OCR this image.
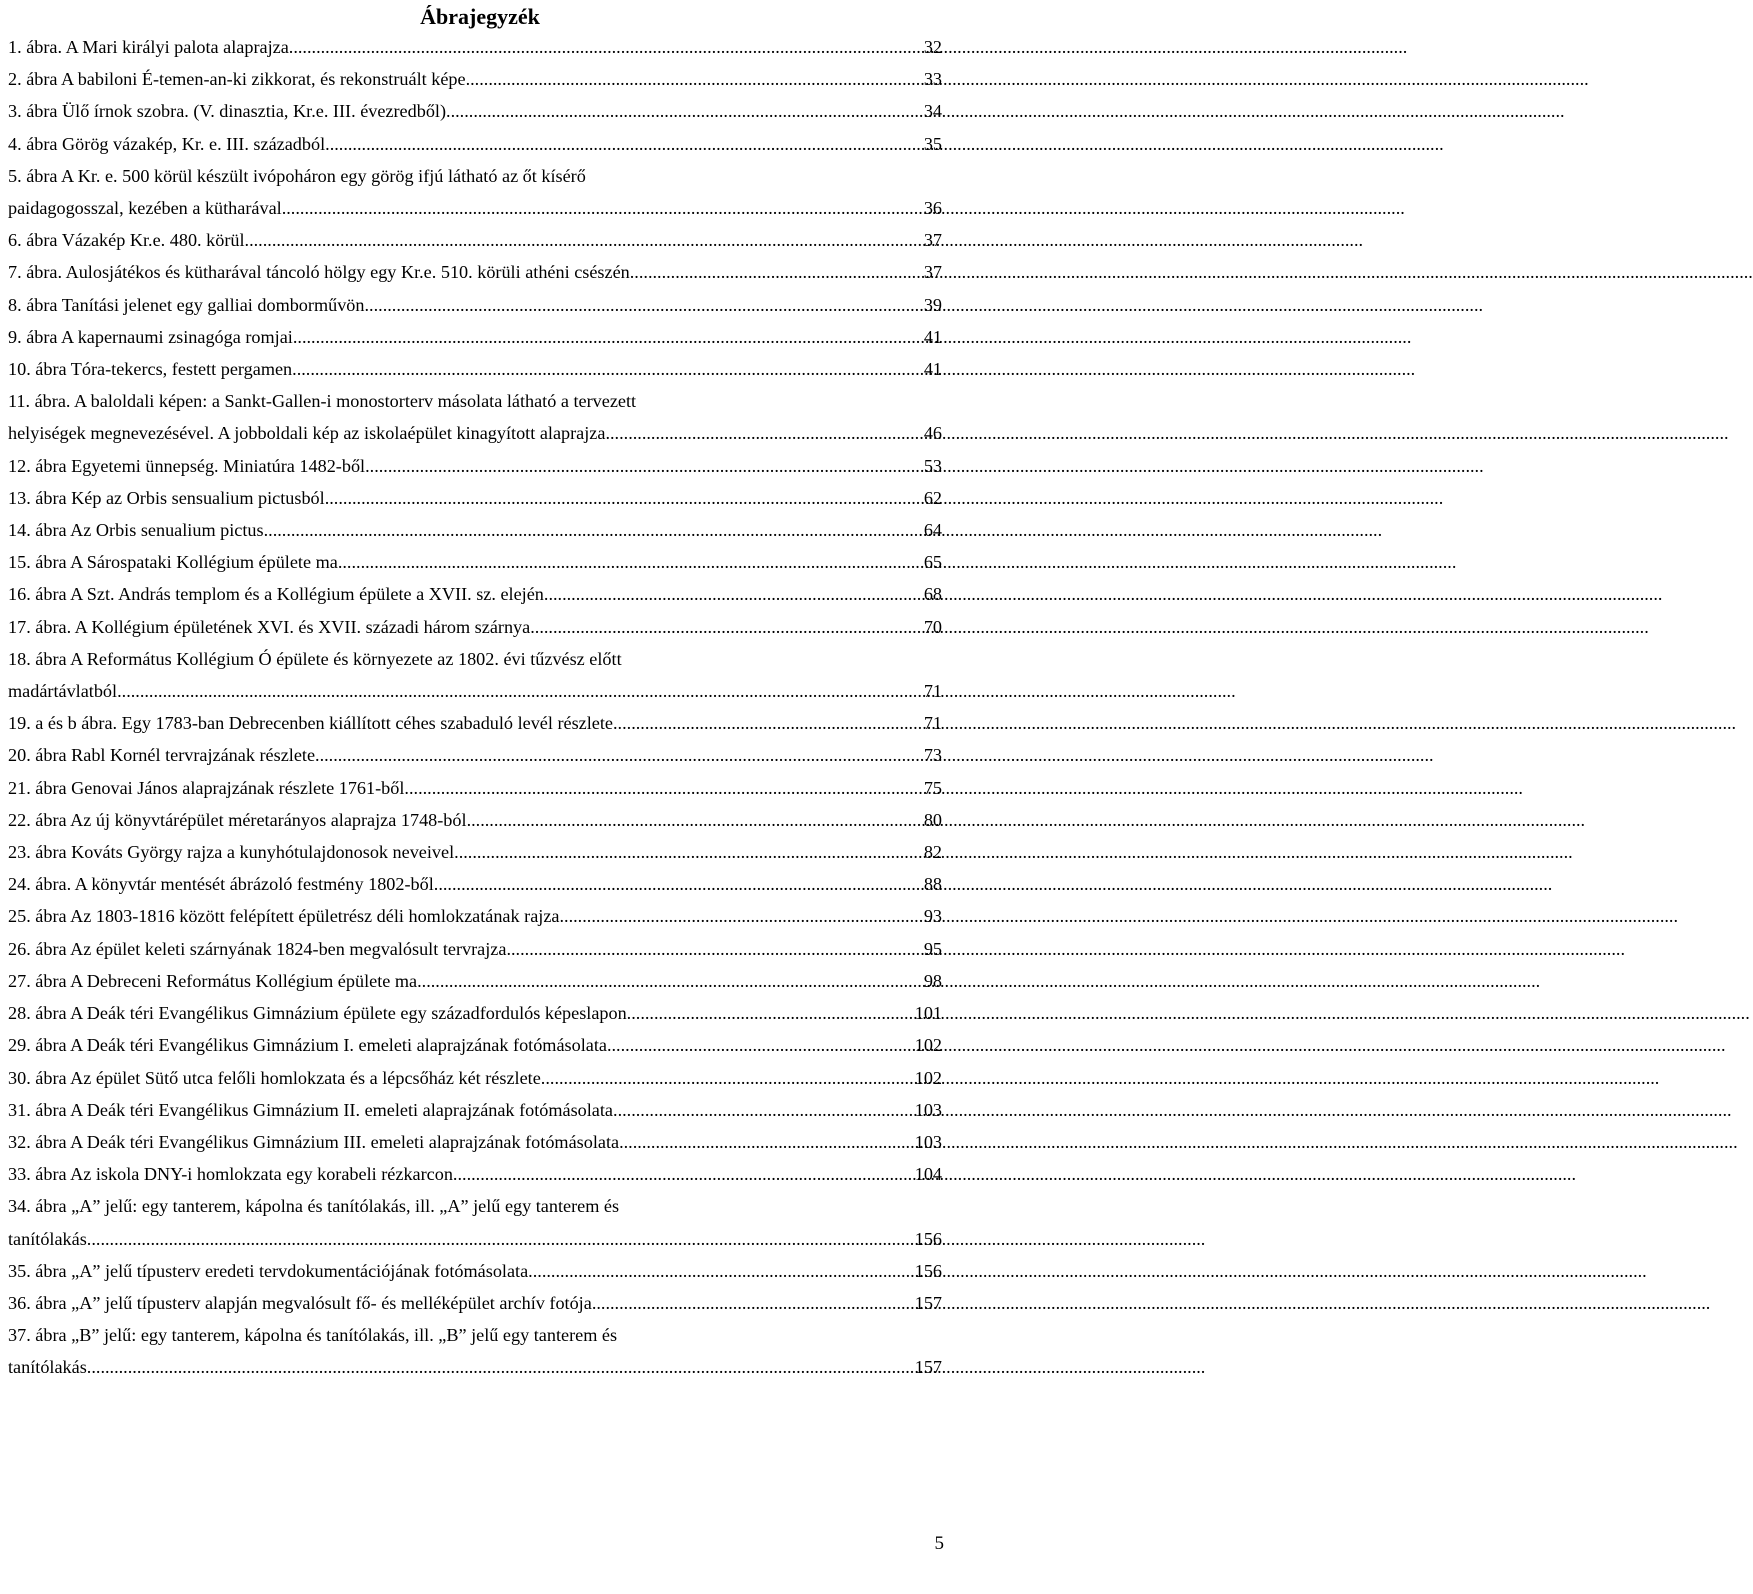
Ábrajegyzék
1. ábra. A Mari királyi palota alaprajza .....	32
2. ábra A babiloni É-temen-an-ki zikkorat, és rekonstruált képe. .....	33
3. ábra Ülő írnok szobra. (V. dinasztia, Kr.e. III. évezredből) .....	34
4. ábra Görög vázakép, Kr. e. III. századból .....	35
5. ábra A Kr. e. 500 körül készült ivópoháron egy görög ifjú látható az őt kísérő
paidagogosszal, kezében a kütharával. .....	36
6. ábra Vázakép Kr.e. 480. körül .....	37
7. ábra. Aulosjátékos és kütharával táncoló hölgy egy Kr.e. 510. körüli athéni csészén. .....	37
8. ábra Tanítási jelenet egy galliai domborművön .....	39
9. ábra A kapernaumi zsinagóga romjai .....	41
10. ábra Tóra-tekercs, festett pergamen. .....	41
11. ábra. A baloldali képen: a Sankt-Gallen-i monostorterv másolata látható a tervezett
helyiségek megnevezésével. A jobboldali kép az iskolaépület kinagyított alaprajza. .....	46
12. ábra Egyetemi ünnepség. Miniatúra 1482-ből .....	53
13. ábra Kép az Orbis sensualium pictusból .....	62
14. ábra Az Orbis senualium pictus .....	64
15. ábra A Sárospataki Kollégium épülete ma .....	65
16. ábra A Szt. András templom és a Kollégium épülete a XVII. sz. elején .....	68
17. ábra. A Kollégium épületének XVI. és XVII. századi három szárnya .....	70
18. ábra A Református Kollégium Ó épülete és környezete az 1802. évi tűzvész előtt
madártávlatból .....	71
19. a és b ábra. Egy 1783-ban Debrecenben kiállított céhes szabaduló levél részlete. .....	71
20. ábra Rabl Kornél tervrajzának részlete .....	73
21. ábra Genovai János alaprajzának részlete 1761-ből .....	75
22. ábra Az új könyvtárépület méretarányos alaprajza 1748-ból .....	80
23. ábra Kováts György rajza a kunyhótulajdonosok neveivel .....	82
24. ábra. A könyvtár mentését ábrázoló festmény 1802-ből .....	88
25. ábra Az 1803-1816 között felépített épületrész déli homlokzatának rajza .....	93
26. ábra Az épület keleti szárnyának 1824-ben megvalósult tervrajza .....	95
27. ábra A Debreceni Református Kollégium épülete ma. .....	98
28. ábra A Deák téri Evangélikus Gimnázium épülete egy századfordulós képeslapon. .....	101
29. ábra A Deák téri Evangélikus Gimnázium I. emeleti alaprajzának fotómásolata .....	102
30. ábra Az épület Sütő utca felőli homlokzata és a lépcsőház két részlete .....	102
31. ábra A Deák téri Evangélikus Gimnázium II. emeleti alaprajzának fotómásolata .....	103
32. ábra A Deák téri Evangélikus Gimnázium III. emeleti alaprajzának fotómásolata .....	103
33. ábra Az iskola DNY-i homlokzata egy korabeli rézkarcon. .....	104
34. ábra „A” jelű: egy tanterem, kápolna és tanítólakás, ill. „A” jelű egy tanterem és
tanítólakás .....	156
35. ábra „A” jelű típusterv eredeti tervdokumentációjának fotómásolata .....	156
36. ábra „A” jelű típusterv alapján megvalósult fő- és melléképület archív fotója .....	157
37. ábra „B” jelű: egy tanterem, kápolna és tanítólakás, ill. „B” jelű egy tanterem és
tanítólakás .....	157
5
